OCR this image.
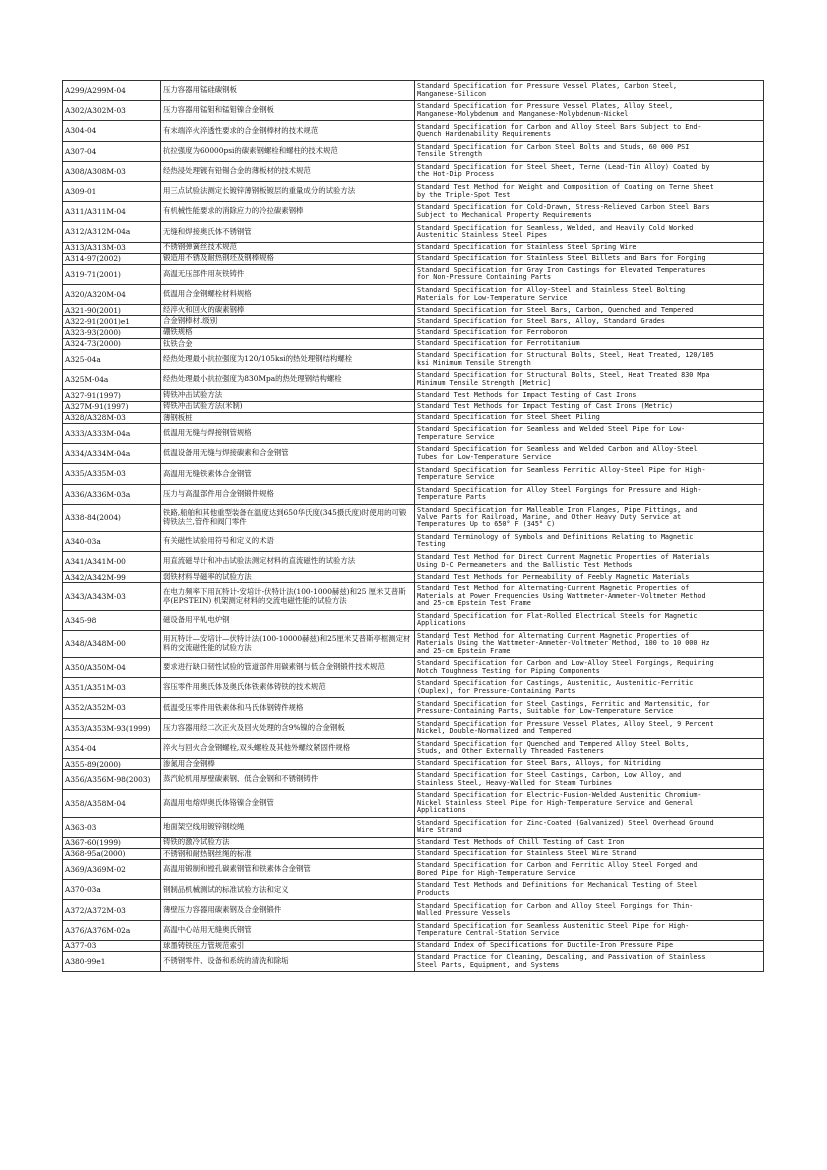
A299/A299M-04	压力容器用锰硅碳钢板	Standard Specification for Pressure Vessel Plates, Carbon Steel,
Manganese-Silicon
A302/A302M-03	压力容器用锰钼和锰钼镍合金钢板	Standard Specification for Pressure Vessel Plates, Alloy Steel,
Manganese-Molybdenum and Manganese-Molybdenum-Nickel
A304-04	有末端淬火淬透性要求的合金钢棒材的技术规范	Standard Specification for Carbon and Alloy Steel Bars Subject to End-
Quench Hardenability Requirements
A307-04	抗拉强度为60000psi的碳素钢螺栓和螺柱的技术规范	Standard Specification for Carbon Steel Bolts and Studs, 60 000 PSI
Tensile Strength
A308/A308M-03	经热浸处理镀有铅锡合金的薄板材的技术规范	Standard Specification for Steel Sheet, Terne (Lead-Tin Alloy) Coated by
the Hot-Dip Process
A309-01	用三点试验法测定长镀锌薄钢板镀层的重量成分的试验方法	Standard Test Method for Weight and Composition of Coating on Terne Sheet
by the Triple-Spot Test
A311/A311M-04	有机械性能要求的消除应力的冷拉碳素钢棒	Standard Specification for Cold-Drawn, Stress-Relieved Carbon Steel Bars
Subject to Mechanical Property Requirements
A312/A312M-04a	无缝和焊接奥氏体不锈钢管	Standard Specification for Seamless, Welded, and Heavily Cold Worked
Austenitic Stainless Steel Pipes
A313/A313M-03	不锈钢弹簧丝技术规范	Standard Specification for Stainless Steel Spring Wire
A314-97(2002)	锻造用不锈及耐热钢坯及钢棒规格	Standard Specification for Stainless Steel Billets and Bars for Forging
A319-71(2001)	高温无压部件用灰铁铸件	Standard Specification for Gray Iron Castings for Elevated Temperatures
for Non-Pressure Containing Parts
A320/A320M-04	低温用合金钢螺栓材料规格	Standard Specification for Alloy-Steel and Stainless Steel Bolting
Materials for Low-Temperature Service
A321-90(2001)	经淬火和回火的碳素钢棒	Standard Specification for Steel Bars, Carbon, Quenched and Tempered
A322-91(2001)e1	合金钢棒材.级别	Standard Specification for Steel Bars, Alloy, Standard Grades
A323-93(2000)	硼铁规格	Standard Specification for Ferroboron
A324-73(2000)	钛铁合金	Standard Specification for Ferrotitanium
A325-04a	经热处理最小抗拉强度为120/105ksi的热处理钢结构螺栓	Standard Specification for Structural Bolts, Steel, Heat Treated, 120/105
ksi Minimum Tensile Strength
A325M-04a	经热处理最小抗拉强度为830Mpa的热处理钢结构螺栓	Standard Specification for Structural Bolts, Steel, Heat Treated 830 Mpa
Minimum Tensile Strength [Metric]
A327-91(1997)	铸铁冲击试验方法	Standard Test Methods for Impact Testing of Cast Irons
A327M-91(1997)	铸铁冲击试验方法(米制)	Standard Test Methods for Impact Testing of Cast Irons (Metric)
A328/A328M-03	薄钢板桩	Standard Specification for Steel Sheet Piling
A333/A333M-04a	低温用无缝与焊接钢管规格	Standard Specification for Seamless and Welded Steel Pipe for Low-
Temperature Service
A334/A334M-04a	低温设备用无缝与焊接碳素和合金钢管	Standard Specification for Seamless and Welded Carbon and Alloy-Steel
Tubes for Low-Temperature Service
A335/A335M-03	高温用无缝铁素体合金钢管	Standard Specification for Seamless Ferritic Alloy-Steel Pipe for High-
Temperature Service
A336/A336M-03a	压力与高温部件用合金钢锻件规格	Standard Specification for Alloy Steel Forgings for Pressure and High-
Temperature Parts
A338-84(2004)	铁路,船舶和其他重型装备在温度达到650华氏度(345摄氏度)时使用的可锻铸铁法兰,管件和阀门零件	Standard Specification for Malleable Iron Flanges, Pipe Fittings, and
Valve Parts for Railroad, Marine, and Other Heavy Duty Service at
Temperatures Up to 650° F (345° C)
A340-03a	有关磁性试验用符号和定义的术语	Standard Terminology of Symbols and Definitions Relating to Magnetic
Testing
A341/A341M-00	用直流磁导计和冲击试验法测定材料的直流磁性的试验方法	Standard Test Method for Direct Current Magnetic Properties of Materials
Using D-C Permeameters and the Ballistic Test Methods
A342/A342M-99	弱铁材料导磁率的试验方法	Standard Test Methods for Permeability of Feebly Magnetic Materials
A343/A343M-03	在电力频率下用瓦特计-安培计-伏特计法(100-1000赫兹)和25 厘米艾普斯亭(EPSTEIN) 机架测定材料的交流电磁性能的试验方法	Standard Test Method for Alternating-Current Magnetic Properties of
Materials at Power Frequencies Using Wattmeter-Ammeter-Voltmeter Method
and 25-cm Epstein Test Frame
A345-98	磁设备用平轧电炉钢	Standard Specification for Flat-Rolled Electrical Steels for Magnetic
Applications
A348/A348M-00	用瓦特计—安培计—伏特计法(100-10000赫兹)和25厘米艾普斯亭框测定材料的交流磁性能的试验方法	Standard Test Method for Alternating Current Magnetic Properties of
Materials Using the Wattmeter-Ammeter-Voltmeter Method, 100 to 10 000 Hz
and 25-cm Epstein Frame
A350/A350M-04	要求进行缺口韧性试验的管道部件用碳素钢与低合金钢锻件技术规范	Standard Specification for Carbon and Low-Alloy Steel Forgings, Requiring
Notch Toughness Testing for Piping Components
A351/A351M-03	容压零件用奥氏体及奥氏体铁素体铸铁的技术规范	Standard Specification for Castings, Austenitic, Austenitic-Ferritic
(Duplex), for Pressure-Containing Parts
A352/A352M-03	低温受压零件用铁素体和马氏体钢铸件规格	Standard Specification for Steel Castings, Ferritic and Martensitic, for
Pressure-Containing Parts, Suitable for Low-Temperature Service
A353/A353M-93(1999)	压力容器用经二次正火及回火处理的含9%镍的合金钢板	Standard Specification for Pressure Vessel Plates, Alloy Steel, 9 Percent
Nickel, Double-Normalized and Tempered
A354-04	淬火与回火合金钢螺栓,双头螺栓及其他外螺纹紧固件规格	Standard Specification for Quenched and Tempered Alloy Steel Bolts,
Studs, and Other Externally Threaded Fasteners
A355-89(2000)	渗氮用合金钢棒	Standard Specification for Steel Bars, Alloys, for Nitriding
A356/A356M-98(2003)	蒸汽轮机用厚壁碳素钢、低合金钢和不锈钢铸件	Standard Specification for Steel Castings, Carbon, Low Alloy, and
Stainless Steel, Heavy-Walled for Steam Turbines
A358/A358M-04	高温用电熔焊奥氏体铬镍合金钢管	Standard Specification for Electric-Fusion-Welded Austenitic Chromium-
Nickel Stainless Steel Pipe for High-Temperature Service and General
Applications
A363-03	地面架空线用镀锌钢绞绳	Standard Specification for Zinc-Coated (Galvanized) Steel Overhead Ground
Wire Strand
A367-60(1999)	铸铁的激冷试验方法	Standard Test Methods of Chill Testing of Cast Iron
A368-95a(2000)	不锈钢和耐热钢丝绳的标准	Standard Specification for Stainless Steel Wire Strand
A369/A369M-02	高温用锻制和镗孔碳素钢管和铁素体合金钢管	Standard Specification for Carbon and Ferritic Alloy Steel Forged and
Bored Pipe for High-Temperature Service
A370-03a	钢制品机械测试的标准试验方法和定义	Standard Test Methods and Definitions for Mechanical Testing of Steel
Products
A372/A372M-03	薄壁压力容器用碳素钢及合金钢锻件	Standard Specification for Carbon and Alloy Steel Forgings for Thin-
Walled Pressure Vessels
A376/A376M-02a	高温中心站用无缝奥氏钢管	Standard Specification for Seamless Austenitic Steel Pipe for High-
Temperature Central-Station Service
A377-03	球墨铸铁压力管规范索引	Standard Index of Specifications for Ductile-Iron Pressure Pipe
A380-99e1	不锈钢零件、设备和系统的清洗和除垢	Standard Practice for Cleaning, Descaling, and Passivation of Stainless
Steel Parts, Equipment, and Systems
